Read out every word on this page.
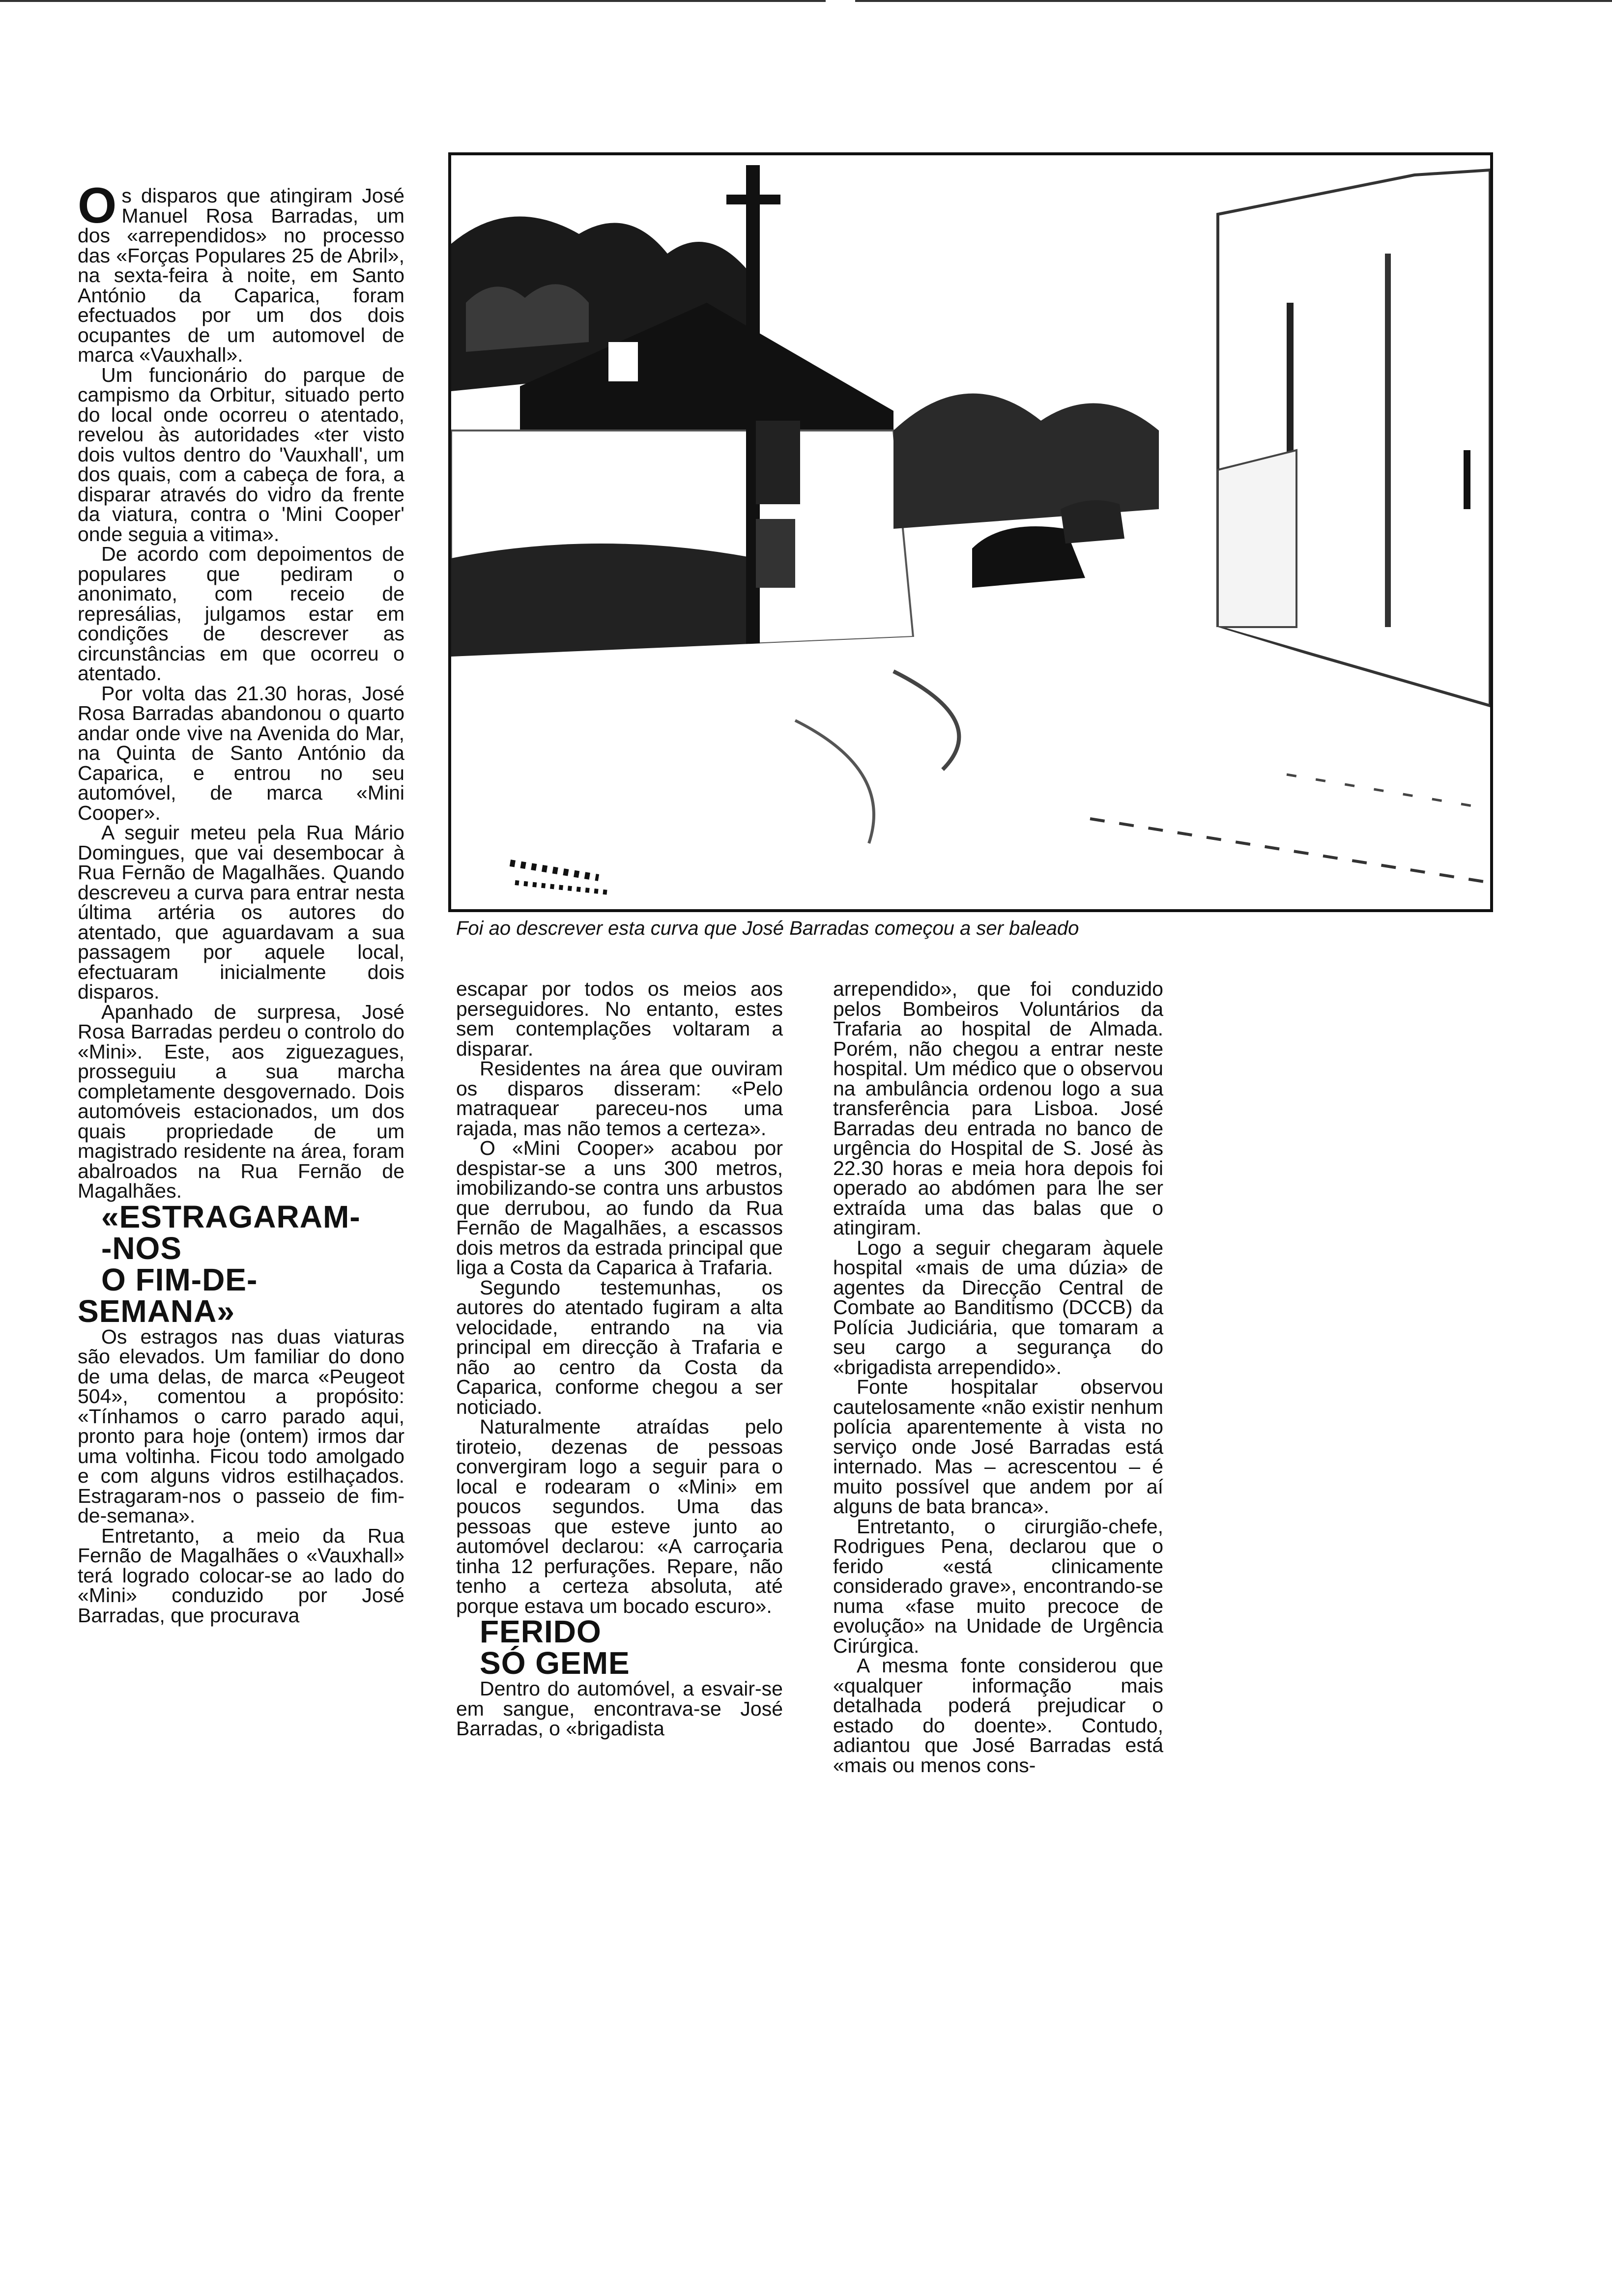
Os disparos que atingiram José Manuel Rosa Barradas, um dos «arrependidos» no processo das «Forças Populares 25 de Abril», na sexta-feira à noite, em Santo António da Caparica, foram efectuados por um dos dois ocupantes de um automovel de marca «Vauxhall».

Um funcionário do parque de campismo da Orbitur, situado perto do local onde ocorreu o atentado, revelou às autoridades «ter visto dois vultos dentro do 'Vauxhall', um dos quais, com a cabeça de fora, a disparar através do vidro da frente da viatura, contra o 'Mini Cooper' onde seguia a vitima».

De acordo com depoimentos de populares que pediram o anonimato, com receio de represálias, julgamos estar em condições de descrever as circunstâncias em que ocorreu o atentado.

Por volta das 21.30 horas, José Rosa Barradas abandonou o quarto andar onde vive na Avenida do Mar, na Quinta de Santo António da Caparica, e entrou no seu automóvel, de marca «Mini Cooper».

A seguir meteu pela Rua Mário Domingues, que vai desembocar à Rua Fernão de Magalhães. Quando descreveu a curva para entrar nesta última artéria os autores do atentado, que aguardavam a sua passagem por aquele local, efectuaram inicialmente dois disparos.

Apanhado de surpresa, José Rosa Barradas perdeu o controlo do «Mini». Este, aos ziguezagues, prosseguiu a sua marcha completamente desgovernado. Dois automóveis estacionados, um dos quais propriedade de um magistrado residente na área, foram abalroados na Rua Fernão de Magalhães.

«ESTRAGARAM-
-NOS
O FIM-DE-SEMANA»

Os estragos nas duas viaturas são elevados. Um familiar do dono de uma delas, de marca «Peugeot 504», comentou a propósito: «Tínhamos o carro parado aqui, pronto para hoje (ontem) irmos dar uma voltinha. Ficou todo amolgado e com alguns vidros estilhaçados. Estragaram-nos o passeio de fim-de-semana».

Entretanto, a meio da Rua Fernão de Magalhães o «Vauxhall» terá logrado colocar-se ao lado do «Mini» conduzido por José Barradas, que procurava

Foi ao descrever esta curva que José Barradas começou a ser baleado

escapar por todos os meios aos perseguidores. No entanto, estes sem contemplações voltaram a disparar.

Residentes na área que ouviram os disparos disseram: «Pelo matraquear pareceu-nos uma rajada, mas não temos a certeza».

O «Mini Cooper» acabou por despistar-se a uns 300 metros, imobilizando-se contra uns arbustos que derrubou, ao fundo da Rua Fernão de Magalhães, a escassos dois metros da estrada principal que liga a Costa da Caparica à Trafaria.

Segundo testemunhas, os autores do atentado fugiram a alta velocidade, entrando na via principal em direcção à Trafaria e não ao centro da Costa da Caparica, conforme chegou a ser noticiado.

Naturalmente atraídas pelo tiroteio, dezenas de pessoas convergiram logo a seguir para o local e rodearam o «Mini» em poucos segundos. Uma das pessoas que esteve junto ao automóvel declarou: «A carroçaria tinha 12 perfurações. Repare, não tenho a certeza absoluta, até porque estava um bocado escuro».

FERIDO
SÓ GEME

Dentro do automóvel, a esvair-se em sangue, encontrava-se José Barradas, o «brigadista

arrependido», que foi conduzido pelos Bombeiros Voluntários da Trafaria ao hospital de Almada. Porém, não chegou a entrar neste hospital. Um médico que o observou na ambulância ordenou logo a sua transferência para Lisboa. José Barradas deu entrada no banco de urgência do Hospital de S. José às 22.30 horas e meia hora depois foi operado ao abdómen para lhe ser extraída uma das balas que o atingiram.

Logo a seguir chegaram àquele hospital «mais de uma dúzia» de agentes da Direcção Central de Combate ao Banditismo (DCCB) da Polícia Judiciária, que tomaram a seu cargo a segurança do «brigadista arrependido».

Fonte hospitalar observou cautelosamente «não existir nenhum polícia aparentemente à vista no serviço onde José Barradas está internado. Mas – acrescentou – é muito possível que andem por aí alguns de bata branca».

Entretanto, o cirurgião-chefe, Rodrigues Pena, declarou que o ferido «está clinicamente considerado grave», encontrando-se numa «fase muito precoce de evolução» na Unidade de Urgência Cirúrgica.

A mesma fonte considerou que «qualquer informação mais detalhada poderá prejudicar o estado do doente». Contudo, adiantou que José Barradas está «mais ou menos cons-
